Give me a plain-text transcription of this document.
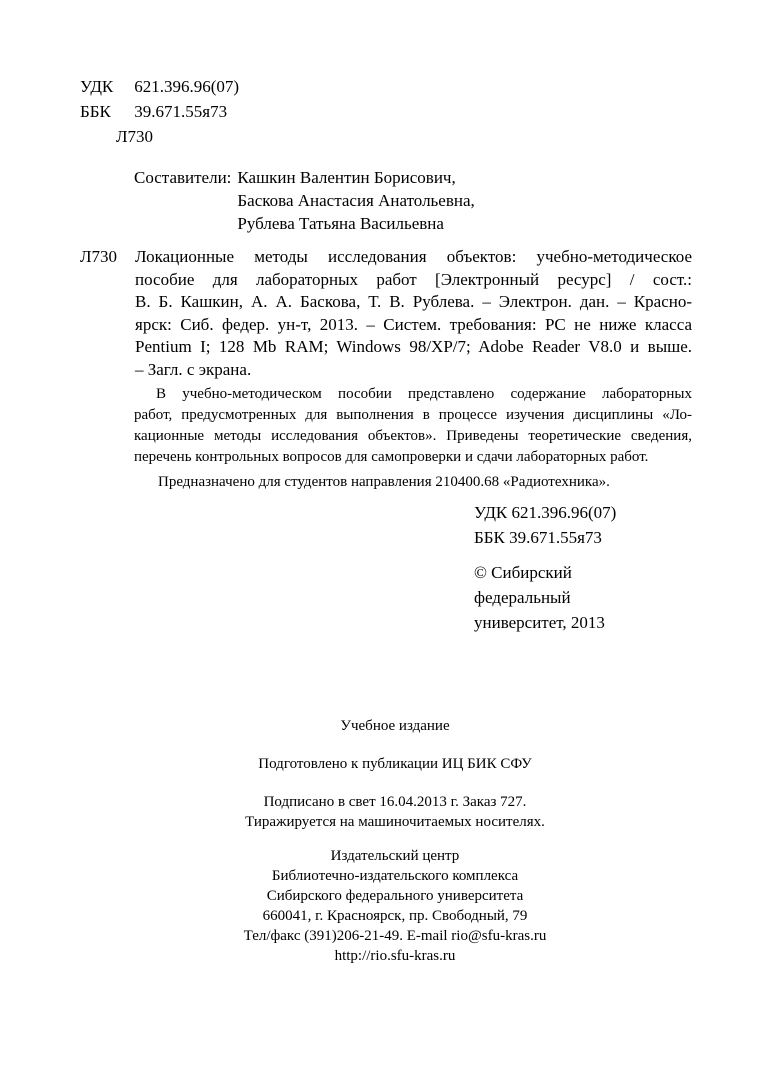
УДК 621.396.96(07)
ББК 39.671.55я73
Л730
Составители: Кашкин Валентин Борисович,
Баскова Анастасия Анатольевна,
Рублева Татьяна Васильевна
Л730 Локационные методы исследования объектов: учебно-методическое
пособие для лабораторных работ [Электронный ресурс] / сост.:
В. Б. Кашкин, А. А. Баскова, Т. В. Рублева. – Электрон. дан. – Красно-
ярск: Сиб. федер. ун-т, 2013. – Систем. требования: PC не ниже класса
Pentium I; 128 Mb RAM; Windows 98/XP/7; Adobe Reader V8.0 и выше.
– Загл. с экрана.
В учебно-методическом пособии представлено содержание лабораторных
работ, предусмотренных для выполнения в процессе изучения дисциплины «Ло-
кационные методы исследования объектов». Приведены теоретические сведения,
перечень контрольных вопросов для самопроверки и сдачи лабораторных работ.
Предназначено для студентов направления 210400.68 «Радиотехника».
УДК 621.396.96(07)
ББК 39.671.55я73
© Сибирский
федеральный
университет, 2013
Учебное издание
Подготовлено к публикации ИЦ БИК СФУ
Подписано в свет 16.04.2013 г. Заказ 727.
Тиражируется на машиночитаемых носителях.
Издательский центр
Библиотечно-издательского комплекса
Сибирского федерального университета
660041, г. Красноярск, пр. Свободный, 79
Тел/факс (391)206-21-49. E-mail rio@sfu-kras.ru
http://rio.sfu-kras.ru
